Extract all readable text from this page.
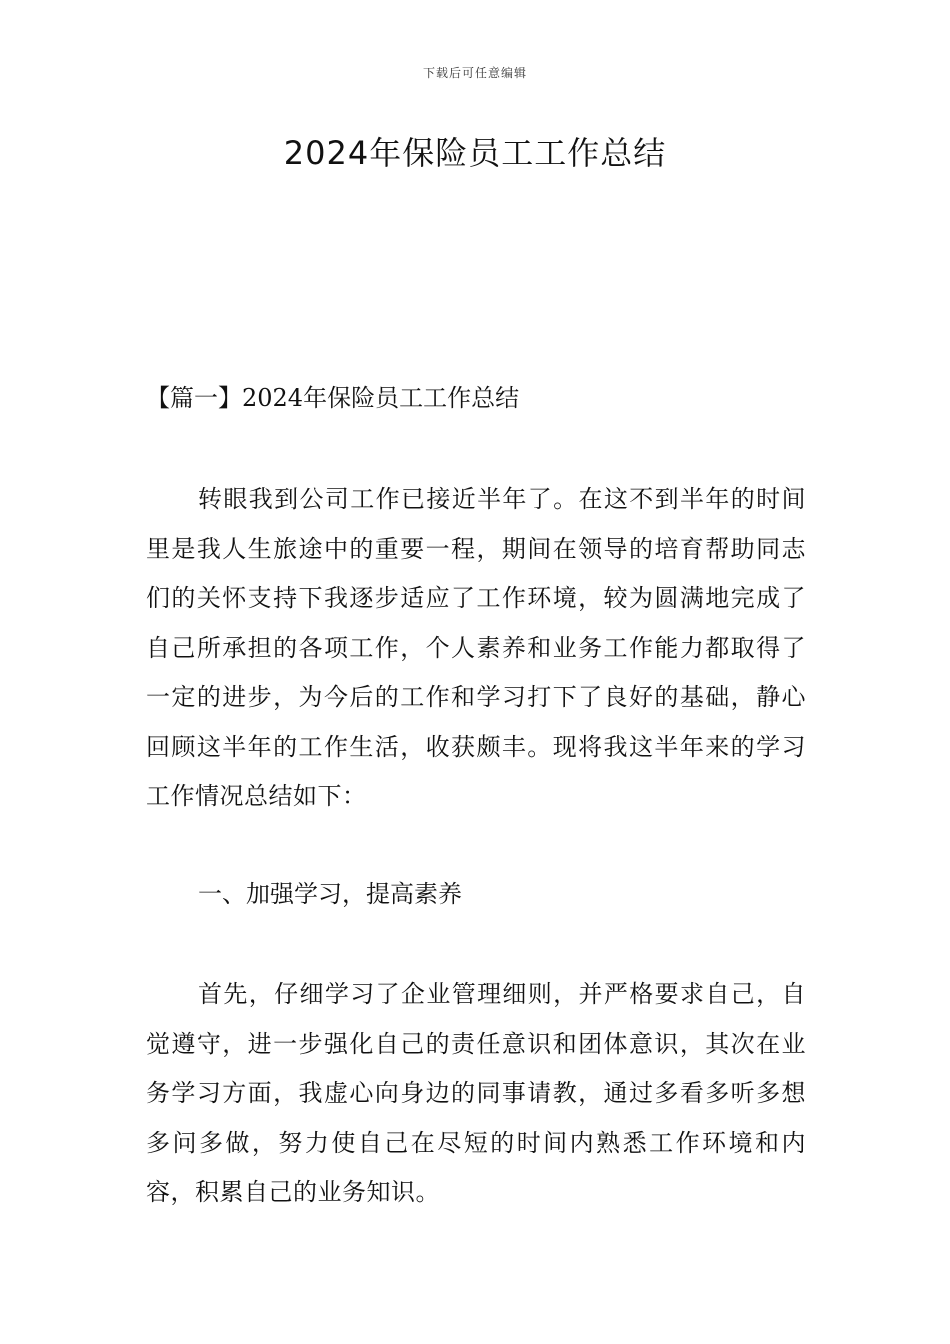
下载后可任意编辑
2024年保险员工工作总结
【篇一】2024年保险员工工作总结

转眼我到公司工作已接近半年了。在这不到半年的时间里是我人生旅途中的重要一程，期间在领导的培育帮助同志们的关怀支持下我逐步适应了工作环境，较为圆满地完成了自己所承担的各项工作，个人素养和业务工作能力都取得了一定的进步，为今后的工作和学习打下了良好的基础，静心回顾这半年的工作生活，收获颇丰。现将我这半年来的学习工作情况总结如下：

一、加强学习，提高素养

首先，仔细学习了企业管理细则，并严格要求自己，自觉遵守，进一步强化自己的责任意识和团体意识，其次在业务学习方面，我虚心向身边的同事请教，通过多看多听多想多问多做，努力使自己在尽短的时间内熟悉工作环境和内容，积累自己的业务知识。
